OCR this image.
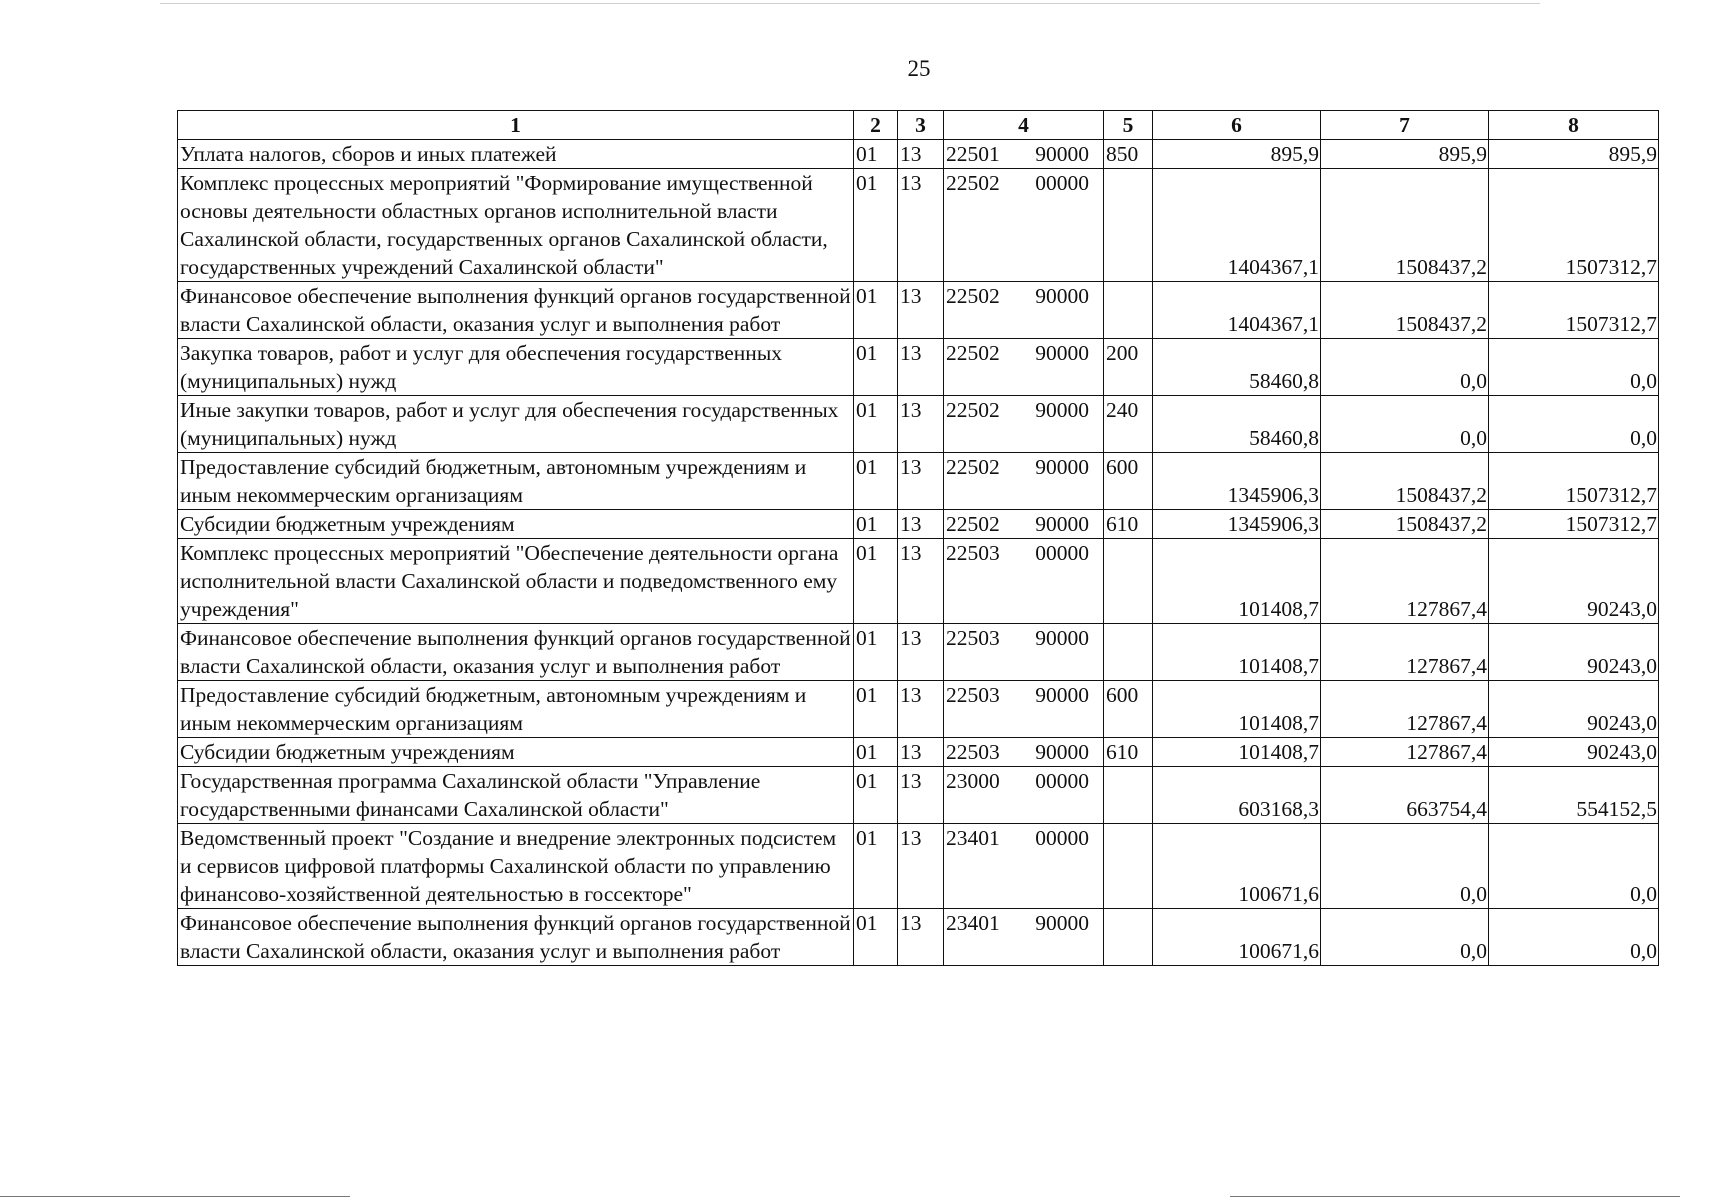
25
1	2	3	4	5	6	7	8
Уплата налогов, сборов и иных платежей	01	13	22501 90000	850	895,9	895,9	895,9
Комплекс процессных мероприятий "Формирование имущественной основы деятельности областных органов исполнительной власти Сахалинской области, государственных органов Сахалинской области, государственных учреждений Сахалинской области"	01	13	22502 00000		1404367,1	1508437,2	1507312,7
Финансовое обеспечение выполнения функций органов государственной власти Сахалинской области, оказания услуг и выполнения работ	01	13	22502 90000		1404367,1	1508437,2	1507312,7
Закупка товаров, работ и услуг для обеспечения государственных (муниципальных) нужд	01	13	22502 90000	200	58460,8	0,0	0,0
Иные закупки товаров, работ и услуг для обеспечения государственных (муниципальных) нужд	01	13	22502 90000	240	58460,8	0,0	0,0
Предоставление субсидий бюджетным, автономным учреждениям и иным некоммерческим организациям	01	13	22502 90000	600	1345906,3	1508437,2	1507312,7
Субсидии бюджетным учреждениям	01	13	22502 90000	610	1345906,3	1508437,2	1507312,7
Комплекс процессных мероприятий "Обеспечение деятельности органа исполнительной власти Сахалинской области и подведомственного ему учреждения"	01	13	22503 00000		101408,7	127867,4	90243,0
Финансовое обеспечение выполнения функций органов государственной власти Сахалинской области, оказания услуг и выполнения работ	01	13	22503 90000		101408,7	127867,4	90243,0
Предоставление субсидий бюджетным, автономным учреждениям и иным некоммерческим организациям	01	13	22503 90000	600	101408,7	127867,4	90243,0
Субсидии бюджетным учреждениям	01	13	22503 90000	610	101408,7	127867,4	90243,0
Государственная программа Сахалинской области "Управление государственными финансами Сахалинской области"	01	13	23000 00000		603168,3	663754,4	554152,5
Ведомственный проект "Создание и внедрение электронных подсистем и сервисов цифровой платформы Сахалинской области по управлению финансово-хозяйственной деятельностью в госсекторе"	01	13	23401 00000		100671,6	0,0	0,0
Финансовое обеспечение выполнения функций органов государственной власти Сахалинской области, оказания услуг и выполнения работ	01	13	23401 90000		100671,6	0,0	0,0
